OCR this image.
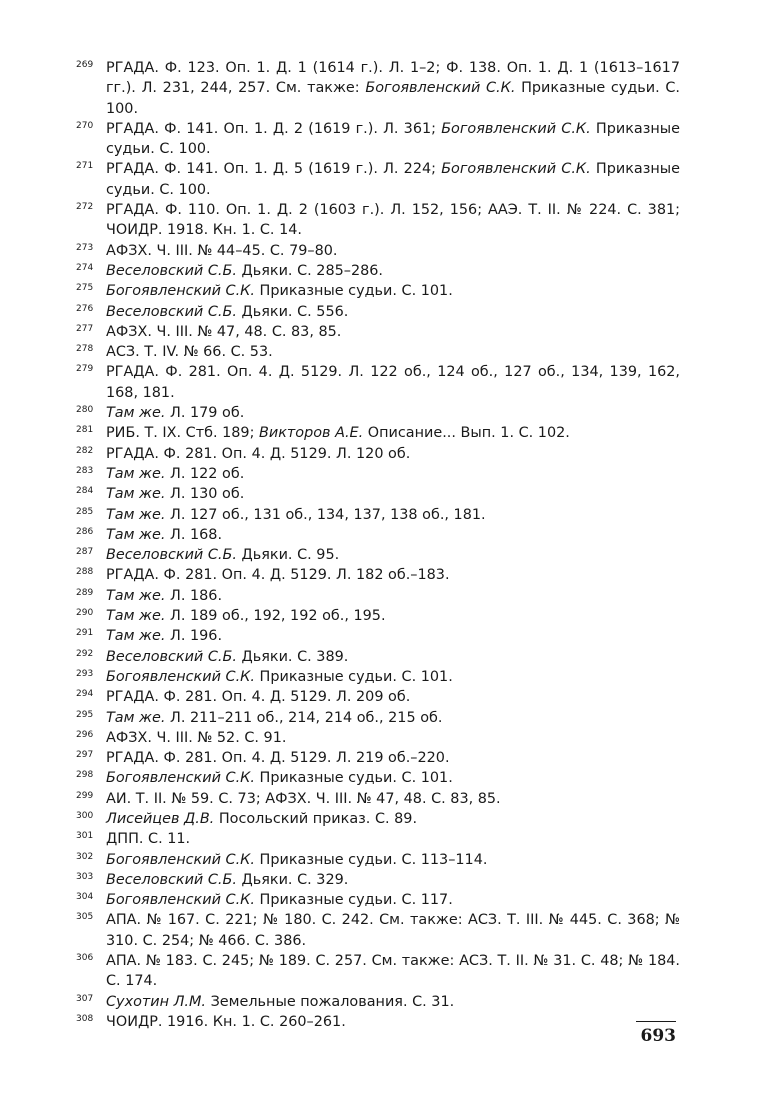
269 РГАДА. Ф. 123. Оп. 1. Д. 1 (1614 г.). Л. 1–2; Ф. 138. Оп. 1. Д. 1 (1613–1617 гг.). Л. 231, 244, 257. См. также: Богоявленский С.К. Приказные судьи. С. 100.
270 РГАДА. Ф. 141. Оп. 1. Д. 2 (1619 г.). Л. 361; Богоявленский С.К. Приказные судьи. С. 100.
271 РГАДА. Ф. 141. Оп. 1. Д. 5 (1619 г.). Л. 224; Богоявленский С.К. Приказные судьи. С. 100.
272 РГАДА. Ф. 110. Оп. 1. Д. 2 (1603 г.). Л. 152, 156; ААЭ. Т. II. № 224. С. 381; ЧОИДР. 1918. Кн. 1. С. 14.
273 АФЗХ. Ч. III. № 44–45. С. 79–80.
274 Веселовский С.Б. Дьяки. С. 285–286.
275 Богоявленский С.К. Приказные судьи. С. 101.
276 Веселовский С.Б. Дьяки. С. 556.
277 АФЗХ. Ч. III. № 47, 48. С. 83, 85.
278 АСЗ. Т. IV. № 66. С. 53.
279 РГАДА. Ф. 281. Оп. 4. Д. 5129. Л. 122 об., 124 об., 127 об., 134, 139, 162, 168, 181.
280 Там же. Л. 179 об.
281 РИБ. Т. IX. Стб. 189; Викторов А.Е. Описание... Вып. 1. С. 102.
282 РГАДА. Ф. 281. Оп. 4. Д. 5129. Л. 120 об.
283 Там же. Л. 122 об.
284 Там же. Л. 130 об.
285 Там же. Л. 127 об., 131 об., 134, 137, 138 об., 181.
286 Там же. Л. 168.
287 Веселовский С.Б. Дьяки. С. 95.
288 РГАДА. Ф. 281. Оп. 4. Д. 5129. Л. 182 об.–183.
289 Там же. Л. 186.
290 Там же. Л. 189 об., 192, 192 об., 195.
291 Там же. Л. 196.
292 Веселовский С.Б. Дьяки. С. 389.
293 Богоявленский С.К. Приказные судьи. С. 101.
294 РГАДА. Ф. 281. Оп. 4. Д. 5129. Л. 209 об.
295 Там же. Л. 211–211 об., 214, 214 об., 215 об.
296 АФЗХ. Ч. III. № 52. С. 91.
297 РГАДА. Ф. 281. Оп. 4. Д. 5129. Л. 219 об.–220.
298 Богоявленский С.К. Приказные судьи. С. 101.
299 АИ. Т. II. № 59. С. 73; АФЗХ. Ч. III. № 47, 48. С. 83, 85.
300 Лисейцев Д.В. Посольский приказ. С. 89.
301 ДПП. С. 11.
302 Богоявленский С.К. Приказные судьи. С. 113–114.
303 Веселовский С.Б. Дьяки. С. 329.
304 Богоявленский С.К. Приказные судьи. С. 117.
305 АПА. № 167. С. 221; № 180. С. 242. См. также: АСЗ. Т. III. № 445. С. 368; № 310. С. 254; № 466. С. 386.
306 АПА. № 183. С. 245; № 189. С. 257. См. также: АСЗ. Т. II. № 31. С. 48; № 184. С. 174.
307 Сухотин Л.М. Земельные пожалования. С. 31.
308 ЧОИДР. 1916. Кн. 1. С. 260–261.
693
